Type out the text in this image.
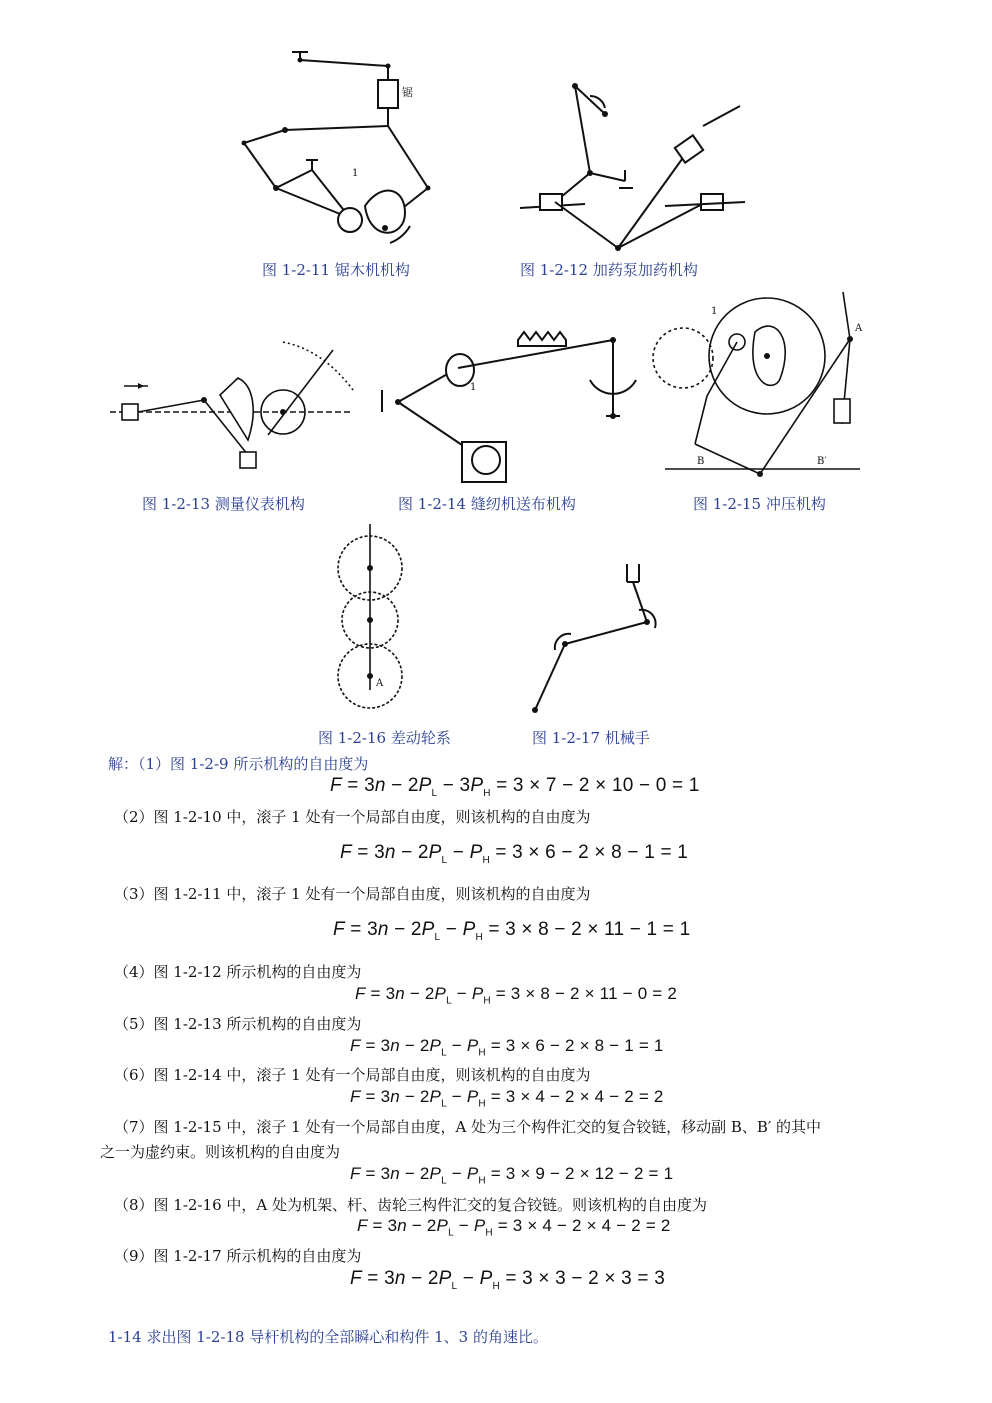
锯
1
图 1-2-11 锯木机机构	图 1-2-12 加药泵加药机构
图 1-2-13 测量仪表机构
1
图 1-2-14 缝纫机送布机构
1
A
B	B′
图 1-2-15 冲压机构
A
图 1-2-16 差动轮系	图 1-2-17 机械手
解：（1）图 1-2-9 所示机构的自由度为
$F = 3n - 2P_L - 3P_H = 3 \times 7 - 2 \times 10 - 0 = 1$
（2）图 1-2-10 中，滚子 1 处有一个局部自由度，则该机构的自由度为
$F = 3n - 2P_L - P_H = 3 \times 6 - 2 \times 8 - 1 = 1$
（3）图 1-2-11 中，滚子 1 处有一个局部自由度，则该机构的自由度为
$F = 3n - 2P_L - P_H = 3 \times 8 - 2 \times 11 - 1 = 1$
（4）图 1-2-12 所示机构的自由度为
$F = 3n - 2P_L - P_H = 3 \times 8 - 2 \times 11 - 0 = 2$
（5）图 1-2-13 所示机构的自由度为
$F = 3n - 2P_L - P_H = 3 \times 6 - 2 \times 8 - 1 = 1$
（6）图 1-2-14 中，滚子 1 处有一个局部自由度，则该机构的自由度为
$F = 3n - 2P_L - P_H = 3 \times 4 - 2 \times 4 - 2 = 2$
（7）图 1-2-15 中，滚子 1 处有一个局部自由度，A 处为三个构件汇交的复合铰链，移动副 B、B′ 的其中
之一为虚约束。则该机构的自由度为
$F = 3n - 2P_L - P_H = 3 \times 9 - 2 \times 12 - 2 = 1$
（8）图 1-2-16 中，A 处为机架、杆、齿轮三构件汇交的复合铰链。则该机构的自由度为
$F = 3n - 2P_L - P_H = 3 \times 4 - 2 \times 4 - 2 = 2$
（9）图 1-2-17 所示机构的自由度为
$F = 3n - 2P_L - P_H = 3 \times 3 - 2 \times 3 = 3$
1-14 求出图 1-2-18 导杆机构的全部瞬心和构件 1、3 的角速比。
